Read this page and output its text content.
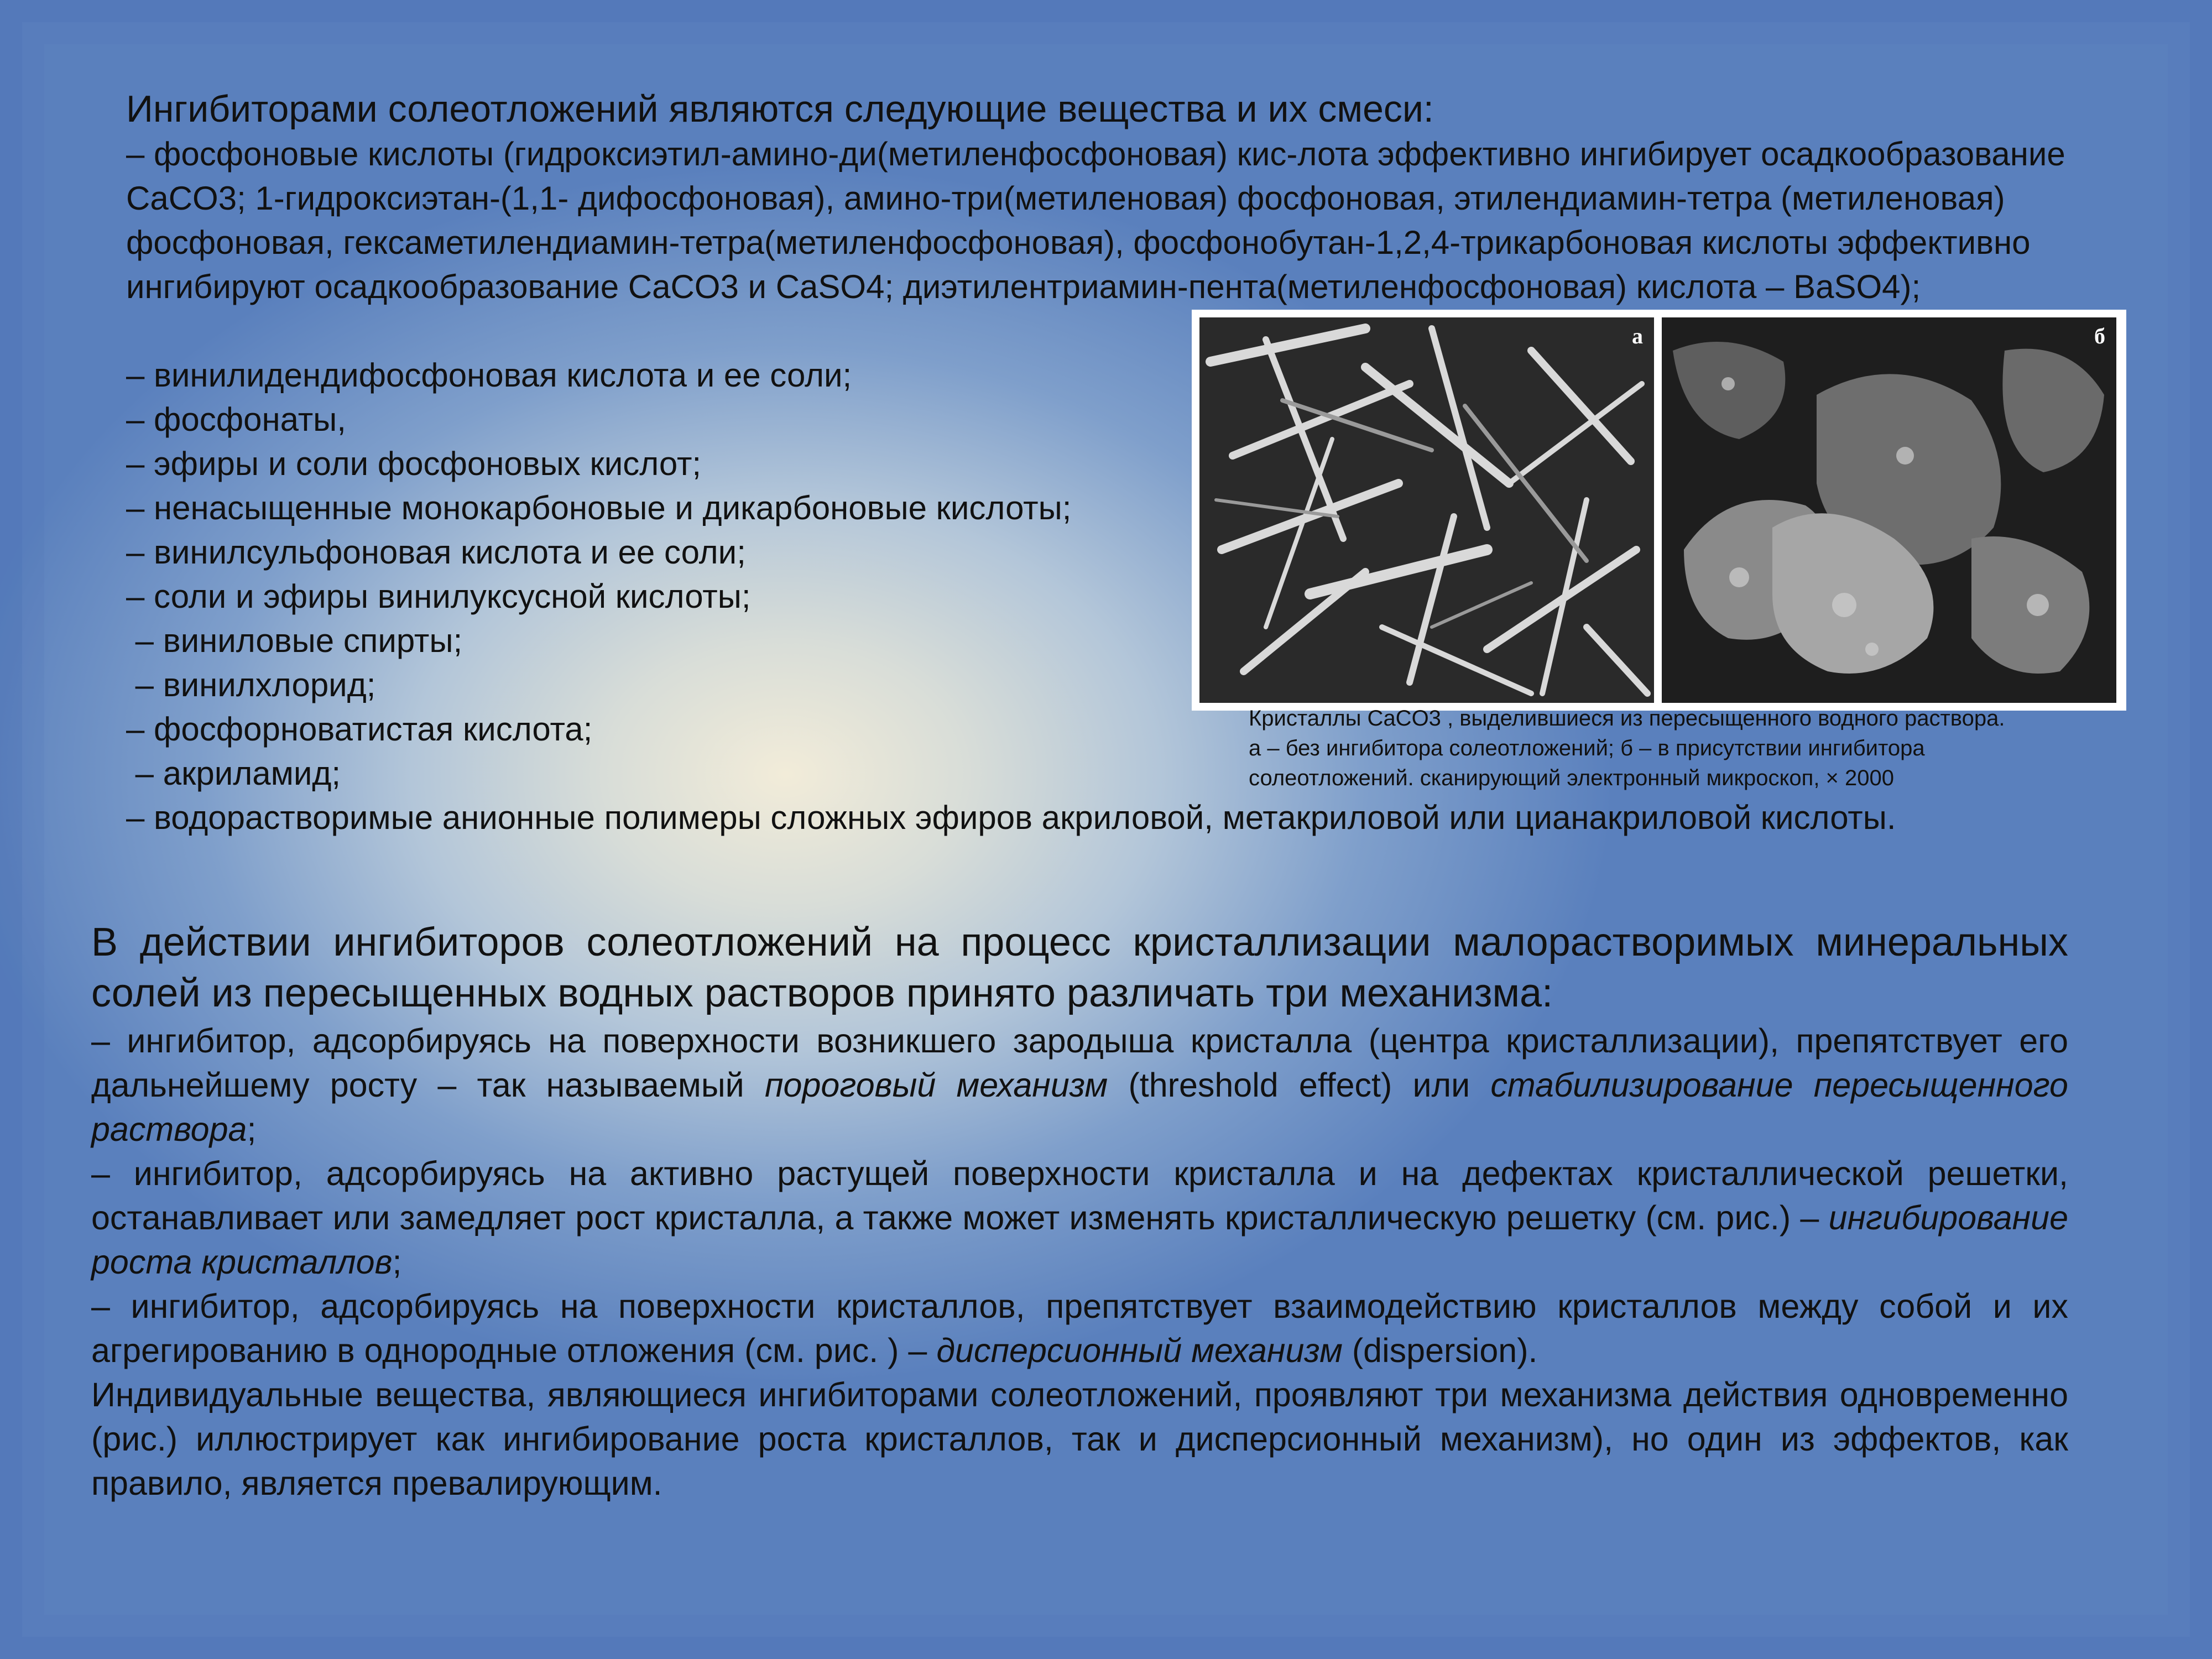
Ингибиторами солеотложений являются следующие вещества и их смеси:

– фосфоновые кислоты (гидроксиэтил-амино-ди(метиленфосфоновая) кис-лота эффективно ингибирует осадкообразование CaCO3; 1-гидроксиэтан-(1,1- дифосфоновая), амино-три(метиленовая) фосфоновая, этилендиамин-тетра (метиленовая) фосфоновая, гексаметилендиамин-тетра(метиленфосфоновая), фосфонобутан-1,2,4-трикарбоновая кислоты эффективно ингибируют осадкообразование CaCO3 и CaSO4; диэтилентриамин-пента(метиленфосфоновая) кислота – BaSO4);

– винилидендифосфоновая кислота и ее соли;
– фосфонаты,
– эфиры и соли фосфоновых кислот;
– ненасыщенные монокарбоновые и дикарбоновые кислоты;
– винилсульфоновая кислота и ее соли;
– соли и эфиры винилуксусной кислоты;
– виниловые спирты;
– винилхлорид;
– фосфорноватистая кислота;
– акриламид;
– водорастворимые анионные полимеры сложных эфиров акриловой, метакриловой или цианакриловой кислоты.
а	б
Кристаллы CaCO3 , выделившиеся из пересыщенного водного раствора.
а – без ингибитора солеотложений; б – в присутствии ингибитора
солеотложений. сканирующий электронный микроскоп, × 2000

В действии ингибиторов солеотложений на процесс кристаллизации малорастворимых минеральных солей из пересыщенных водных растворов принято различать три механизма:

– ингибитор, адсорбируясь на поверхности возникшего зародыша кристалла (центра кристаллизации), препятствует его дальнейшему росту – так называемый пороговый механизм (threshold effect) или стабилизирование пересыщенного раствора;

– ингибитор, адсорбируясь на активно растущей поверхности кристалла и на дефектах кристаллической решетки, останавливает или замедляет рост кристалла, а также может изменять кристаллическую решетку (см. рис.) – ингибирование роста кристаллов;

– ингибитор, адсорбируясь на поверхности кристаллов, препятствует взаимодействию кристаллов между собой и их агрегированию в однородные отложения (см. рис. ) – дисперсионный механизм (dispersion).

Индивидуальные вещества, являющиеся ингибиторами солеотложений, проявляют три механизма действия одновременно (рис.) иллюстрирует как ингибирование роста кристаллов, так и дисперсионный механизм), но один из эффектов, как правило, является превалирующим.
